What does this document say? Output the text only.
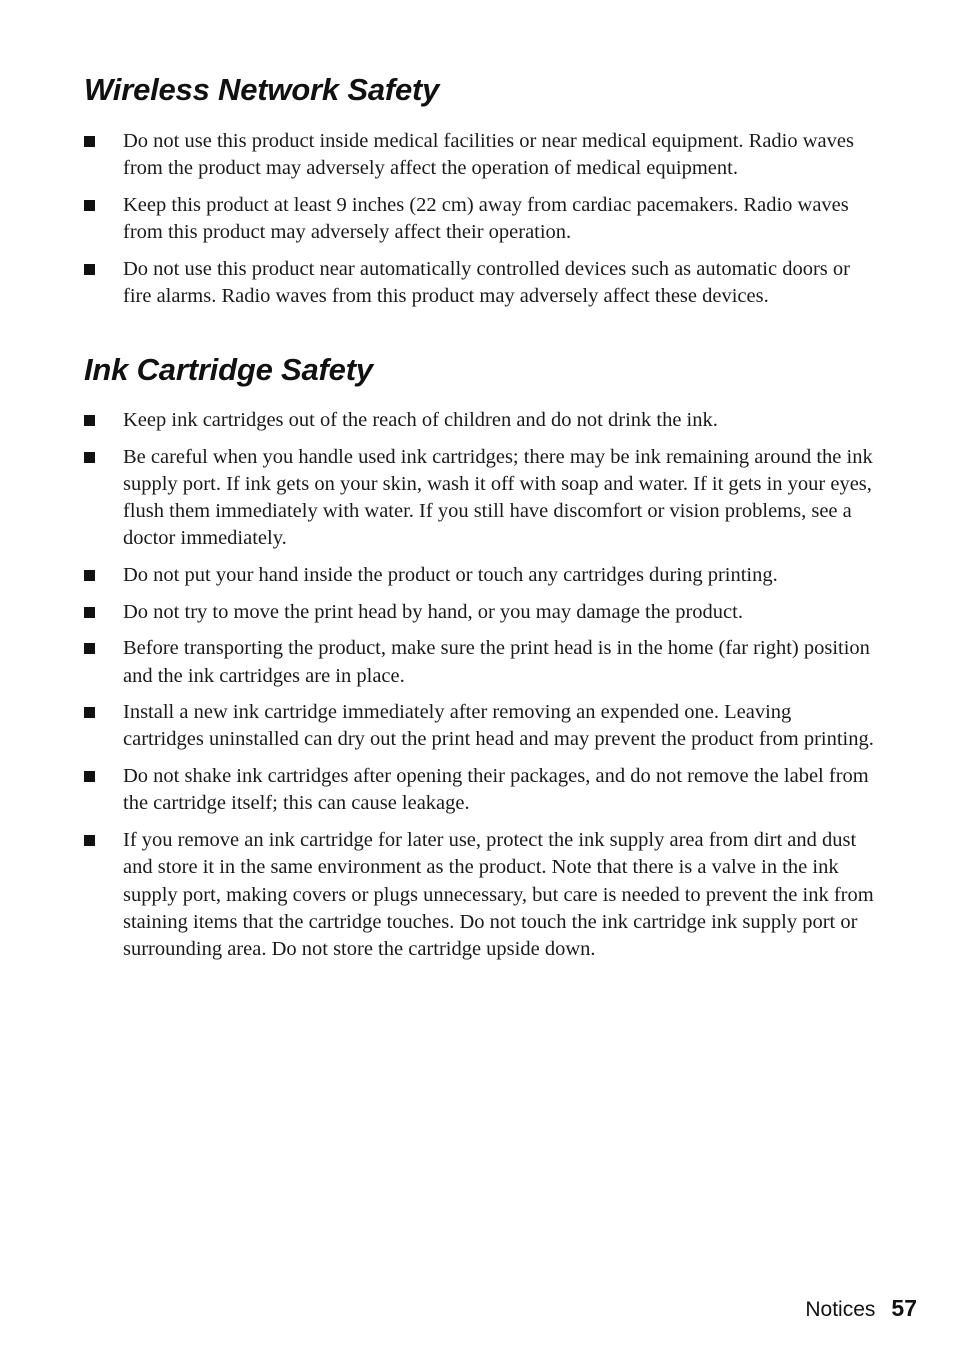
Wireless Network Safety
Do not use this product inside medical facilities or near medical equipment. Radio waves from the product may adversely affect the operation of medical equipment.
Keep this product at least 9 inches (22 cm) away from cardiac pacemakers. Radio waves from this product may adversely affect their operation.
Do not use this product near automatically controlled devices such as automatic doors or fire alarms. Radio waves from this product may adversely affect these devices.
Ink Cartridge Safety
Keep ink cartridges out of the reach of children and do not drink the ink.
Be careful when you handle used ink cartridges; there may be ink remaining around the ink supply port. If ink gets on your skin, wash it off with soap and water. If it gets in your eyes, flush them immediately with water. If you still have discomfort or vision problems, see a doctor immediately.
Do not put your hand inside the product or touch any cartridges during printing.
Do not try to move the print head by hand, or you may damage the product.
Before transporting the product, make sure the print head is in the home (far right) position and the ink cartridges are in place.
Install a new ink cartridge immediately after removing an expended one. Leaving cartridges uninstalled can dry out the print head and may prevent the product from printing.
Do not shake ink cartridges after opening their packages, and do not remove the label from the cartridge itself; this can cause leakage.
If you remove an ink cartridge for later use, protect the ink supply area from dirt and dust and store it in the same environment as the product. Note that there is a valve in the ink supply port, making covers or plugs unnecessary, but care is needed to prevent the ink from staining items that the cartridge touches. Do not touch the ink cartridge ink supply port or surrounding area. Do not store the cartridge upside down.
Notices 57
